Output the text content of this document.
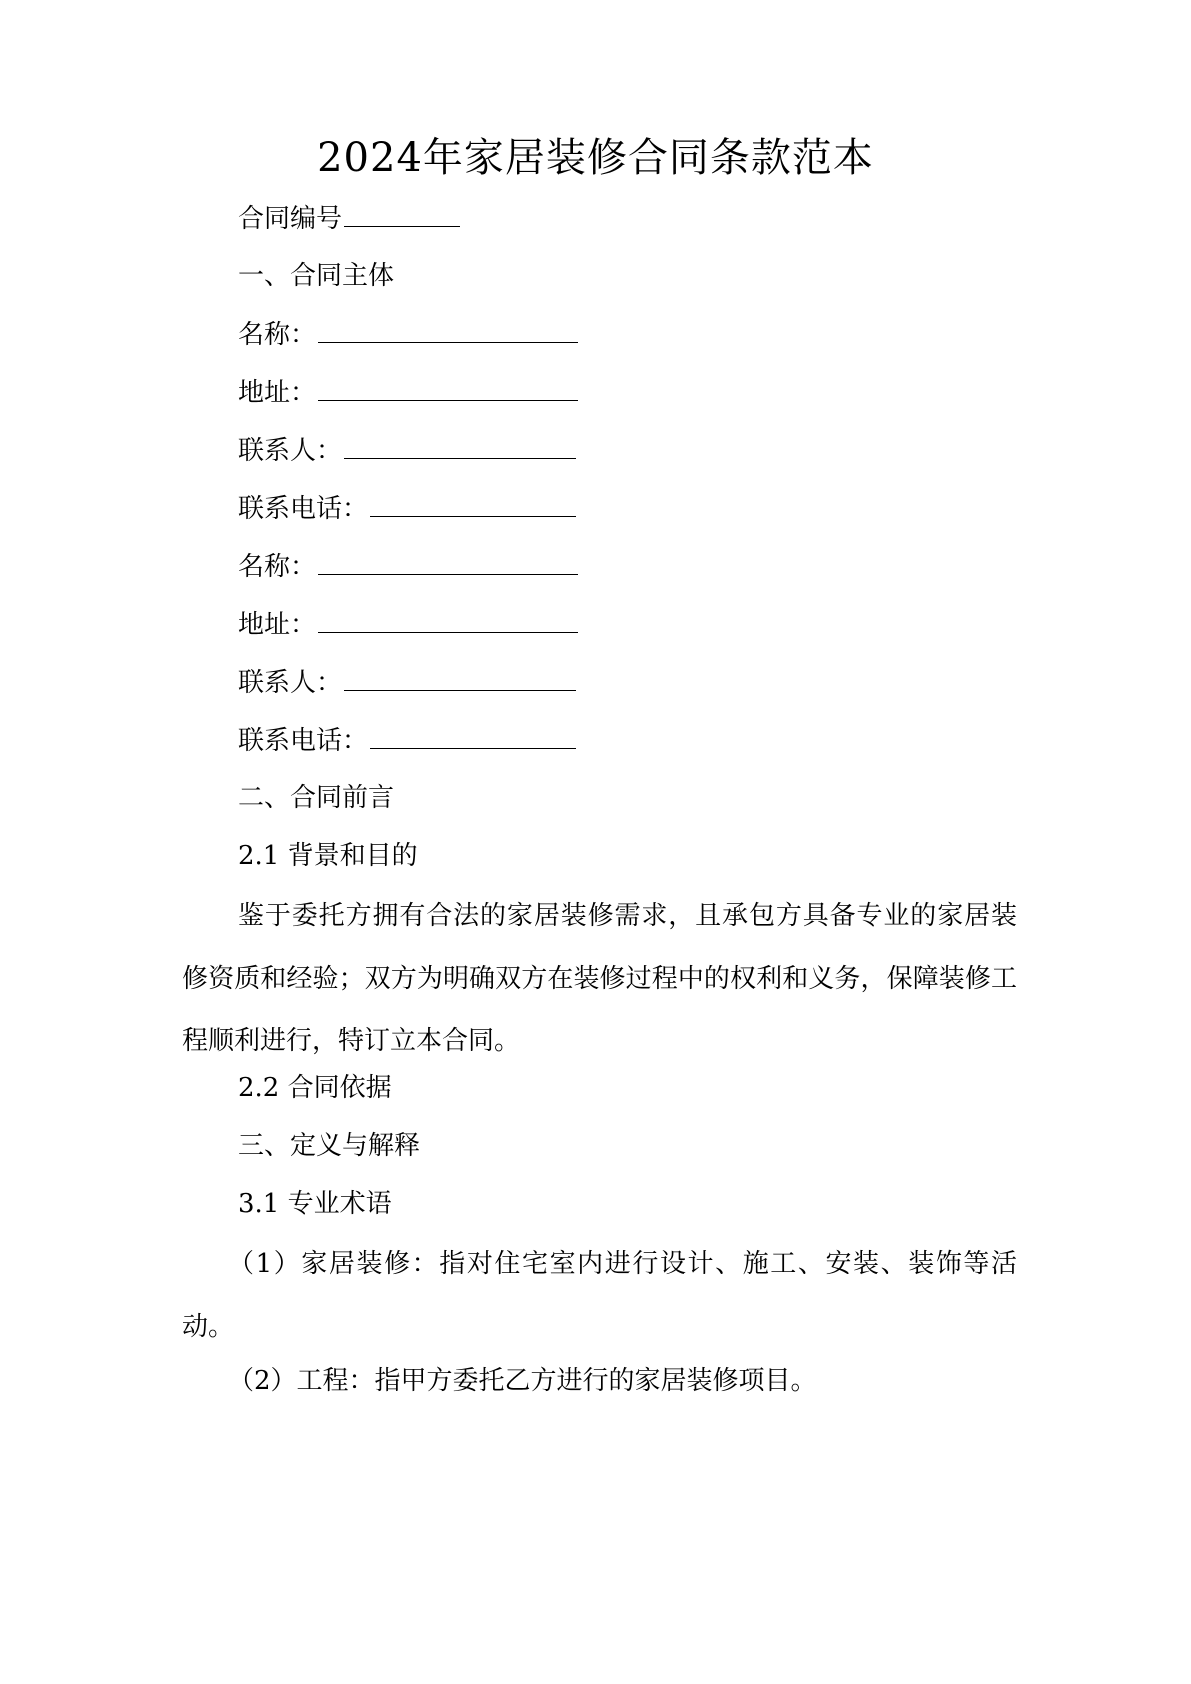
2024年家居装修合同条款范本
合同编号
一、合同主体
名称：
地址：
联系人：
联系电话：
名称：
地址：
联系人：
联系电话：
二、合同前言
2.1 背景和目的
鉴于委托方拥有合法的家居装修需求，且承包方具备专业的家居装修资质和经验；双方为明确双方在装修过程中的权利和义务，保障装修工程顺利进行，特订立本合同。
2.2 合同依据
三、定义与解释
3.1 专业术语
（1）家居装修：指对住宅室内进行设计、施工、安装、装饰等活动。
（2）工程：指甲方委托乙方进行的家居装修项目。
